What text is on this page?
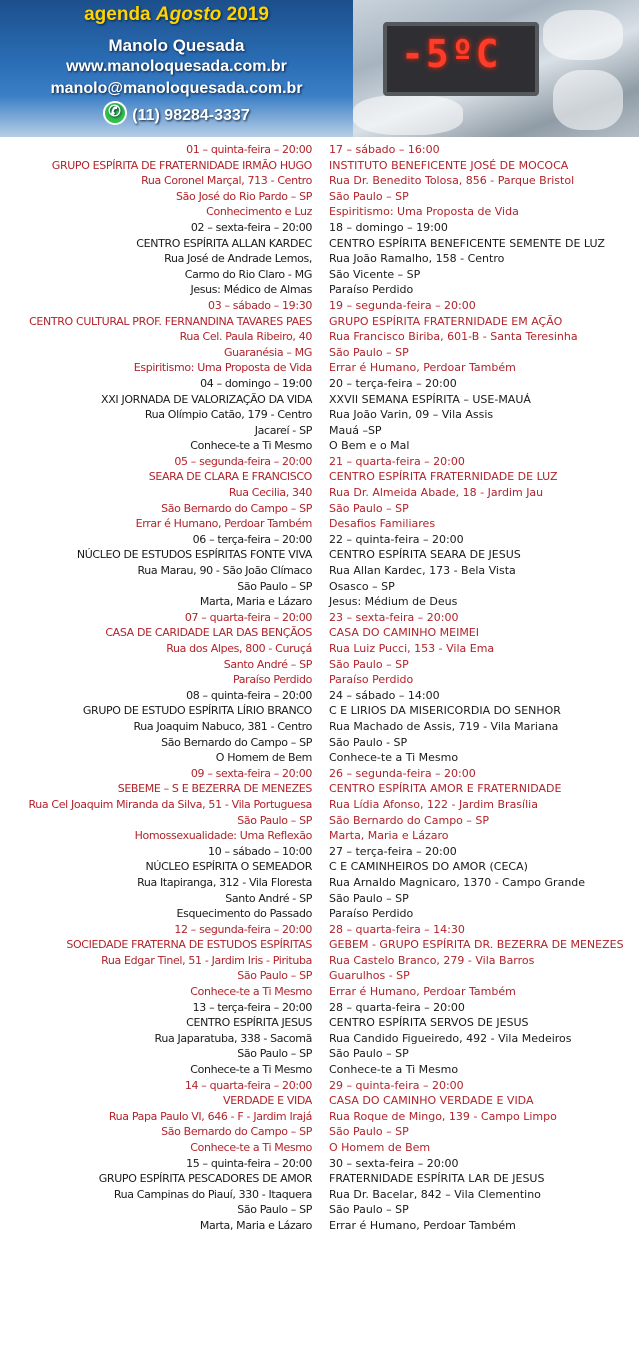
agenda Agosto 2019
Manolo Quesada
www.manoloquesada.com.br
manolo@manoloquesada.com.br
✆(11) 98284-3337
-5ºC
01 – quinta-feira – 20:00
GRUPO ESPÍRITA DE FRATERNIDADE IRMÃO HUGO
Rua Coronel Marçal, 713 - Centro
São José do Rio Pardo – SP
Conhecimento e Luz
02 – sexta-feira – 20:00
CENTRO ESPÍRITA ALLAN KARDEC
Rua José de Andrade Lemos,
Carmo do Rio Claro - MG
Jesus: Médico de Almas
03 – sábado – 19:30
CENTRO CULTURAL PROF. FERNANDINA TAVARES PAES
Rua Cel. Paula Ribeiro, 40
Guaranésia – MG
Espiritismo: Uma Proposta de Vida
04 – domingo – 19:00
XXI JORNADA DE VALORIZAÇÃO DA VIDA
Rua Olímpio Catão, 179 - Centro
Jacareí - SP
Conhece-te a Ti Mesmo
05 – segunda-feira – 20:00
SEARA DE CLARA E FRANCISCO
Rua Cecilia, 340
São Bernardo do Campo – SP
Errar é Humano, Perdoar Também
06 – terça-feira – 20:00
NÚCLEO DE ESTUDOS ESPÍRITAS FONTE VIVA
Rua Marau, 90 - São João Clímaco
São Paulo – SP
Marta, Maria e Lázaro
07 – quarta-feira – 20:00
CASA DE CARIDADE LAR DAS BENÇÃOS
Rua dos Alpes, 800 - Curuçá
Santo André – SP
Paraíso Perdido
08 – quinta-feira – 20:00
GRUPO DE ESTUDO ESPÍRITA LÍRIO BRANCO
Rua Joaquim Nabuco, 381 - Centro
São Bernardo do Campo – SP
O Homem de Bem
09 – sexta-feira – 20:00
SEBEME – S E BEZERRA DE MENEZES
Rua Cel Joaquim Miranda da Silva, 51 - Vila Portuguesa
São Paulo – SP
Homossexualidade: Uma Reflexão
10 – sábado – 10:00
NÚCLEO ESPÍRITA O SEMEADOR
Rua Itapiranga, 312 - Vila Floresta
Santo André - SP
Esquecimento do Passado
12 – segunda-feira – 20:00
SOCIEDADE FRATERNA DE ESTUDOS ESPÍRITAS
Rua Edgar Tinel, 51 - Jardim Iris - Pirituba
São Paulo – SP
Conhece-te a Ti Mesmo
13 – terça-feira – 20:00
CENTRO ESPÍRITA JESUS
Rua Japaratuba, 338 - Sacomã
São Paulo – SP
Conhece-te a Ti Mesmo
14 – quarta-feira – 20:00
VERDADE E VIDA
Rua Papa Paulo VI, 646 - F - Jardim Irajá
São Bernardo do Campo – SP
Conhece-te a Ti Mesmo
15 – quinta-feira – 20:00
GRUPO ESPÍRITA PESCADORES DE AMOR
Rua Campinas do Piauí, 330 - Itaquera
São Paulo – SP
Marta, Maria e Lázaro
17 – sábado – 16:00
INSTITUTO BENEFICENTE JOSÉ DE MOCOCA
Rua Dr. Benedito Tolosa, 856 - Parque Bristol
São Paulo – SP
Espiritismo: Uma Proposta de Vida
18 – domingo – 19:00
CENTRO ESPÍRITA BENEFICENTE SEMENTE DE LUZ
Rua João Ramalho, 158 - Centro
São Vicente – SP
Paraíso Perdido
19 – segunda-feira – 20:00
GRUPO ESPÍRITA FRATERNIDADE EM AÇÃO
Rua Francisco Biriba, 601-B - Santa Teresinha
São Paulo – SP
Errar é Humano, Perdoar Também
20 – terça-feira – 20:00
XXVII SEMANA ESPÍRITA – USE-MAUÁ
Rua João Varin, 09 – Vila Assis
Mauá –SP
O Bem e o Mal
21 – quarta-feira – 20:00
CENTRO ESPÍRITA FRATERNIDADE DE LUZ
Rua Dr. Almeida Abade, 18 - Jardim Jau
São Paulo – SP
Desafios Familiares
22 – quinta-feira – 20:00
CENTRO ESPÍRITA SEARA DE JESUS
Rua Allan Kardec, 173 - Bela Vista
Osasco – SP
Jesus: Médium de Deus
23 – sexta-feira – 20:00
CASA DO CAMINHO MEIMEI
Rua Luiz Pucci, 153 - Vila Ema
São Paulo – SP
Paraíso Perdido
24 – sábado – 14:00
C E LIRIOS DA MISERICORDIA DO SENHOR
Rua Machado de Assis, 719 - Vila Mariana
São Paulo - SP
Conhece-te a Ti Mesmo
26 – segunda-feira – 20:00
CENTRO ESPÍRITA AMOR E FRATERNIDADE
Rua Lídia Afonso, 122 - Jardim Brasília
São Bernardo do Campo – SP
Marta, Maria e Lázaro
27 – terça-feira – 20:00
C E CAMINHEIROS DO AMOR (CECA)
Rua Arnaldo Magnicaro, 1370 - Campo Grande
São Paulo – SP
Paraíso Perdido
28 – quarta-feira – 14:30
GEBEM - GRUPO ESPÍRITA DR. BEZERRA DE MENEZES
Rua Castelo Branco, 279 - Vila Barros
Guarulhos - SP
Errar é Humano, Perdoar Também
28 – quarta-feira – 20:00
CENTRO ESPÍRITA SERVOS DE JESUS
Rua Candido Figueiredo, 492 - Vila Medeiros
São Paulo – SP
Conhece-te a Ti Mesmo
29 – quinta-feira – 20:00
CASA DO CAMINHO VERDADE E VIDA
Rua Roque de Mingo, 139 - Campo Limpo
São Paulo – SP
O Homem de Bem
30 – sexta-feira – 20:00
FRATERNIDADE ESPÍRITA LAR DE JESUS
Rua Dr. Bacelar, 842 – Vila Clementino
São Paulo – SP
Errar é Humano, Perdoar Também
